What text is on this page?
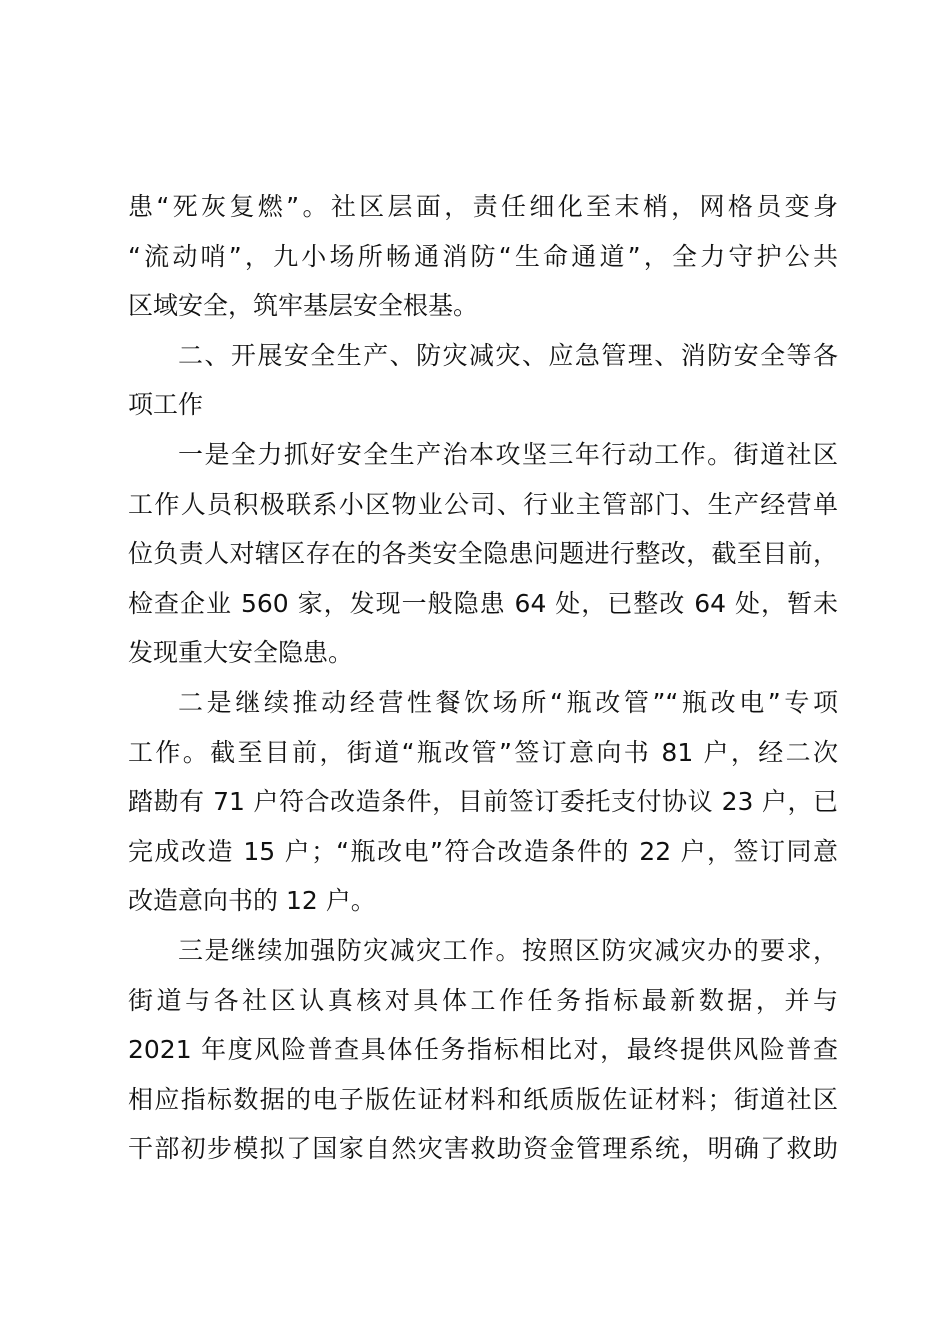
患“死灰复燃”。社区层面，责任细化至末梢，网格员变身
“流动哨”，九小场所畅通消防“生命通道”，全力守护公共
区域安全，筑牢基层安全根基。
二、开展安全生产、防灾减灾、应急管理、消防安全等各
项工作
一是全力抓好安全生产治本攻坚三年行动工作。街道社区
工作人员积极联系小区物业公司、行业主管部门、生产经营单
位负责人对辖区存在的各类安全隐患问题进行整改，截至目前，
检查企业 560 家，发现一般隐患 64 处，已整改 64 处，暂未
发现重大安全隐患。
二是继续推动经营性餐饮场所“瓶改管”“瓶改电”专项
工作。截至目前，街道“瓶改管”签订意向书 81 户，经二次
踏勘有 71 户符合改造条件，目前签订委托支付协议 23 户，已
完成改造 15 户；“瓶改电”符合改造条件的 22 户，签订同意
改造意向书的 12 户。
三是继续加强防灾减灾工作。按照区防灾减灾办的要求，
街道与各社区认真核对具体工作任务指标最新数据，并与
2021 年度风险普查具体任务指标相比对，最终提供风险普查
相应指标数据的电子版佐证材料和纸质版佐证材料；街道社区
干部初步模拟了国家自然灾害救助资金管理系统，明确了救助
